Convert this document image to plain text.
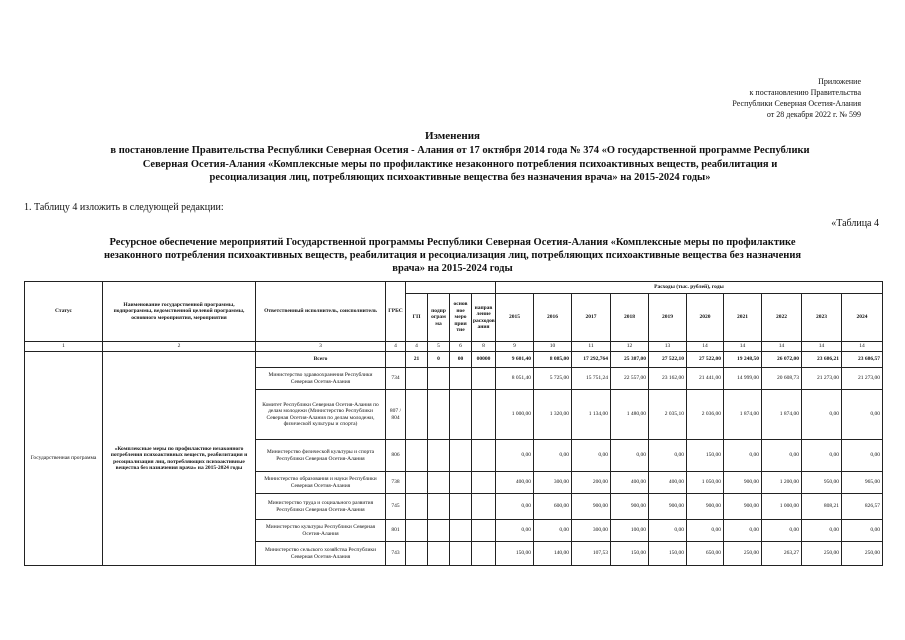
Приложение
к постановлению Правительства
Республики Северная Осетия-Алания
от 28 декабря 2022 г. № 599
Изменения
в постановление Правительства Республики Северная Осетия - Алания от 17 октября 2014 года № 374 «О государственной программе Республики Северная Осетия-Алания «Комплексные меры по профилактике незаконного потребления психоактивных веществ, реабилитация и ресоциализация лиц, потребляющих психоактивные вещества без назначения врача» на 2015-2024 годы»
1. Таблицу 4 изложить в следующей редакции:
«Таблица 4
Ресурсное обеспечение мероприятий Государственной программы Республики Северная Осетия-Алания «Комплексные меры по профилактике незаконного потребления психоактивных веществ, реабилитация и ресоциализация лиц, потребляющих психоактивные вещества без назначения врача» на 2015-2024 годы
Статус	Наименование государственной программы, подпрограммы, ведомственной целевой программы, основного мероприятия, мероприятия	Ответственный исполнитель, соисполнитель	ГРБС					Расходы (тыс. рублей), годы									
				ГП	подпр ограм ма	основ ное меро прия тие	направ ление расходов ания	2015	2016	2017	2018	2019	2020	2021	2022	2023	2024
1	2	3	4	4	5	6	8	9	10	11	12	13	14	14	14	14	14
Государственная программа	«Комплексные меры по профилактике незаконного потребления психоактивных веществ, реабилитация и ресоциализация лиц, потребляющих психоактивные вещества без назначения врача» на 2015-2024 годы	Всего		21	0	00	00000	9 601,40	8 085,00	17 292,764	25 387,00	27 522,10	27 522,00	19 248,50	26 072,00	23 686,21	23 686,57
		Министерство здравоохранения Республики Северная Осетия-Алания	734					8 051,40	5 725,00	15 751,24	22 557,00	23 162,00	21 441,00	14 999,00	20 608,73	21 273,00	21 273,00
		Комитет Республики Северная Осетия-Алания по делам молодежи (Министерство Республики Северная Осетия-Алания по делам молодежи, физической культуры и спорта)	807 / 804					1 000,00	1 320,00	1 134,00	1 480,00	2 035,10	2 036,00	1 874,00	1 874,00	0,00	0,00
		Министерство физической культуры и спорта Республики Северная Осетия-Алания	806					0,00	0,00	0,00	0,00	0,00	150,00	0,00	0,00	0,00	0,00
		Министерство образования и науки Республики Северная Осетия-Алания	738					400,00	300,00	200,00	400,00	400,00	1 050,00	900,00	1 200,00	950,00	965,00
		Министерство труда и социального развития Республики Северная Осетия-Алания	745					0,00	600,00	900,00	900,00	900,00	900,00	900,00	1 000,00	808,21	826,57
		Министерство культуры Республики Северная Осетия-Алания	801					0,00	0,00	300,00	100,00	0,00	0,00	0,00	0,00	0,00	0,00
		Министерство сельского хозяйства Республики Северная Осетия-Алания	743					150,00	140,00	107,53	150,00	150,00	650,00	250,00	263,27	250,00	250,00
